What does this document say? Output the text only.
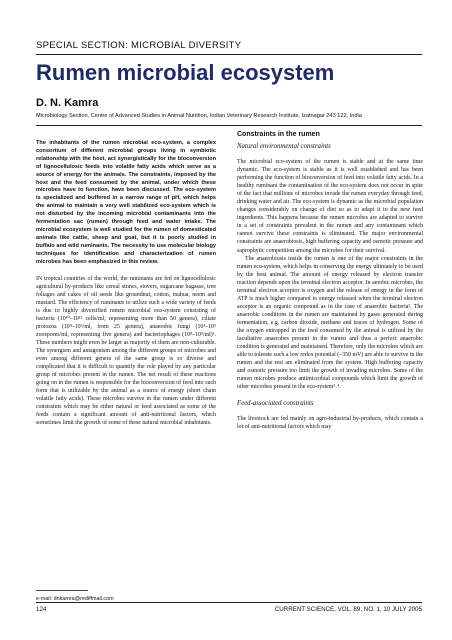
SPECIAL SECTION: MICROBIAL DIVERSITY
Rumen microbial ecosystem
D. N. Kamra
Microbiology Section, Centre of Advanced Studies in Animal Nutrition, Indian Veterinary Research Institute, Izatnagar 243 122, India
The inhabitants of the rumen microbial eco-system, a complex consortium of different microbial groups living in symbiotic relationship with the host, act synergistically for the bioconversion of lignocellulosic feeds into volatile fatty acids which serve as a source of energy for the animals. The constraints, imposed by the host and the feed consumed by the animal, under which these microbes have to function, have been discussed. The eco-system is specialized and buffered in a narrow range of pH, which helps the animal to maintain a very well stabilized eco-system which is not disturbed by the incoming microbial contaminants into the fermentation sac (rumen) through feed and water intake. The microbial ecosystem is well studied for the rumen of domesticated animals like cattle, sheep and goat, but it is poorly studied in buffalo and wild ruminants. The necessity to use molecular biology techniques for identification and characterization of rumen microbes has been emphasized in this review.

IN tropical countries of the world, the ruminants are fed on lignocellulosic agricultural by-products like cereal straws, stovers, sugarcane bagasse, tree foliages and cakes of oil seeds like groundnut, cotton, mahua, neem and mustard. The efficiency of ruminants to utilize such a wide variety of feeds is due to highly diversified rumen microbial eco-system consisting of bacteria (10¹⁰–10¹¹ cells/ml, representing more than 50 genera), ciliate protozoa (10⁴–10⁶/ml, from 25 genera), anaerobic fungi (10³–10⁵ zoospores/ml, representing five genera) and bacteriophages (10⁸–10⁹/ml)¹. These numbers might even be larger as majority of them are non-culturable. The synergism and antagonism among the different groups of microbes and even among different genera of the same group is so diverse and complicated that it is difficult to quantify the role played by any particular group of microbes present in the rumen. The net result of these reactions going on in the rumen is responsible for the bioconversion of feed into such form that is utilizable by the animal as a source of energy (short chain volatile fatty acids). These microbes survive in the rumen under different constraints which may be either natural or feed associated as some of the feeds contain a significant amount of anti-nutritional factors, which sometimes limit the growth of some of these natural microbial inhabitants.

Constraints in the rumen
Natural environmental constraints

The microbial eco-system of the rumen is stable and at the same time dynamic. The eco-system is stable as it is well established and has been performing the function of bioconversion of feed into volatile fatty acids. In a healthy ruminant the contamination of the eco-system does not occur in spite of the fact that millions of microbes invade the rumen everyday through feed, drinking water and air. The eco-system is dynamic as the microbial population changes considerably on change of diet so as to adapt it to the new feed ingredients. This happens because the rumen microbes are adapted to survive in a set of constraints prevalent in the rumen and any contaminant which cannot survive these constraints is eliminated. The major environmental constraints are anaerobiosis, high buffering capacity and osmotic pressure and saprophytic competition among the microbes for their survival.

The anaerobiosis inside the rumen is one of the major constraints in the rumen eco-system, which helps in conserving the energy ultimately to be used by the host animal. The amount of energy released by electron transfer reaction depends upon the terminal electron acceptor. In aerobic microbes, the terminal electron acceptor is oxygen and the release of energy in the form of ATP is much higher compared to energy released when the terminal electron acceptor is an organic compound as in the case of anaerobic bacteria². The anaerobic conditions in the rumen are maintained by gases generated during fermentation, e.g. carbon dioxide, methane and traces of hydrogen. Some of the oxygen entrapped in the feed consumed by the animal is utilized by the facultative anaerobes present in the rumen and thus a perfect anaerobic condition is generated and maintained. Therefore, only the microbes which are able to tolerate such a low redox potential (–350 mV) are able to survive in the rumen and the rest are eliminated from the system. High buffering capacity and osmotic pressure too limit the growth of invading microbes. Some of the rumen microbes produce antimicrobial compounds which limit the growth of other microbes present in the eco-system³˒⁴.

Feed-associated constraints

The livestock are fed mainly on agro-industrial by-products, which contain a lot of anti-nutritional factors which may

e-mail: dnkamra@rediffmail.com
124	CURRENT SCIENCE, VOL. 89, NO. 1, 10 JULY 2005
